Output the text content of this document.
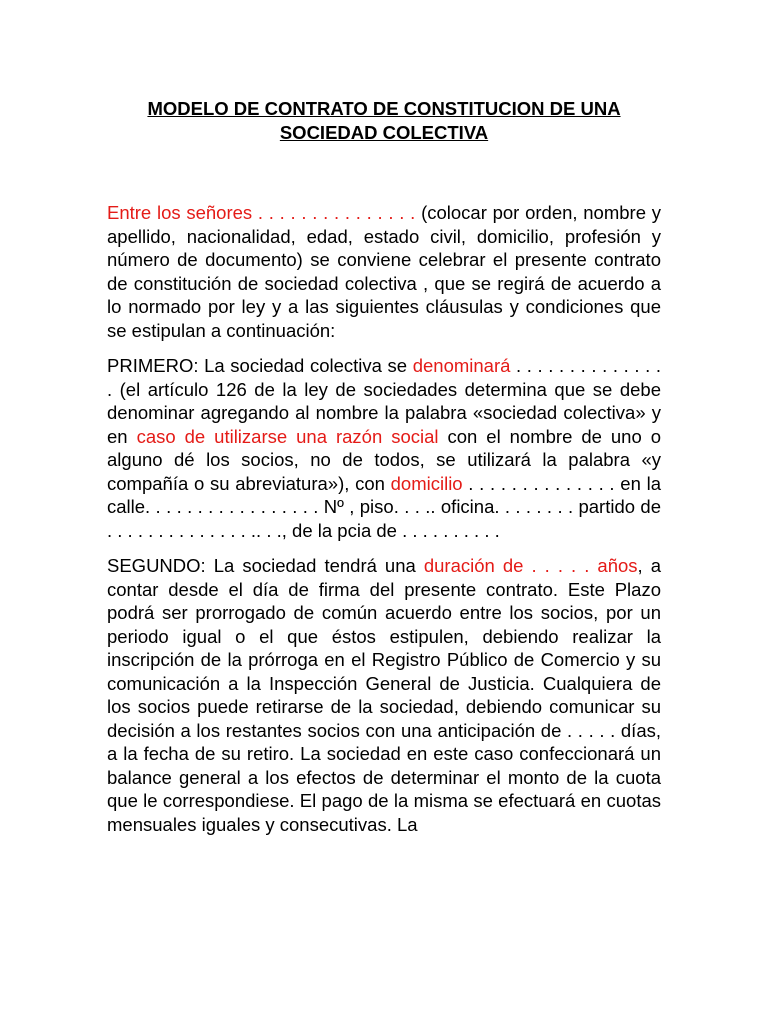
MODELO DE CONTRATO DE CONSTITUCION DE UNA
SOCIEDAD COLECTIVA

Entre los señores . . . . . . . . . . . . . . . (colocar por orden, nombre y apellido, nacionalidad, edad, estado civil, domicilio, profesión y número de documento) se conviene celebrar el presente contrato de constitución de sociedad colectiva , que se regirá de acuerdo a lo normado por ley y a las siguientes cláusulas y condiciones que se estipulan a continuación:

PRIMERO: La sociedad colectiva se denominará . . . . . . . . . . . . . . . (el artículo 126 de la ley de sociedades determina que se debe denominar agregando al nombre la palabra «sociedad colectiva» y en caso de utilizarse una razón social con el nombre de uno o alguno dé los socios, no de todos, se utilizará la palabra «y compañía o su abreviatura»), con domicilio . . . . . . . . . . . . . . en la calle. . . . . . . . . . . . . . . . . Nº , piso. . . .. oficina. . . . . . . . partido de . . . . . . . . . . . . . . .. . ., de la pcia de . . . . . . . . . .

SEGUNDO: La sociedad tendrá una duración de . . . . . años, a contar desde el día de firma del presente contrato. Este Plazo podrá ser prorrogado de común acuerdo entre los socios, por un periodo igual o el que éstos estipulen, debiendo realizar la inscripción de la prórroga en el Registro Público de Comercio y su comunicación a la Inspección General de Justicia. Cualquiera de los socios puede retirarse de la sociedad, debiendo comunicar su decisión a los restantes socios con una anticipación de . . . . . días, a la fecha de su retiro. La sociedad en este caso confeccionará un balance general a los efectos de determinar el monto de la cuota que le correspondiese. El pago de la misma se efectuará en cuotas mensuales iguales y consecutivas. La
